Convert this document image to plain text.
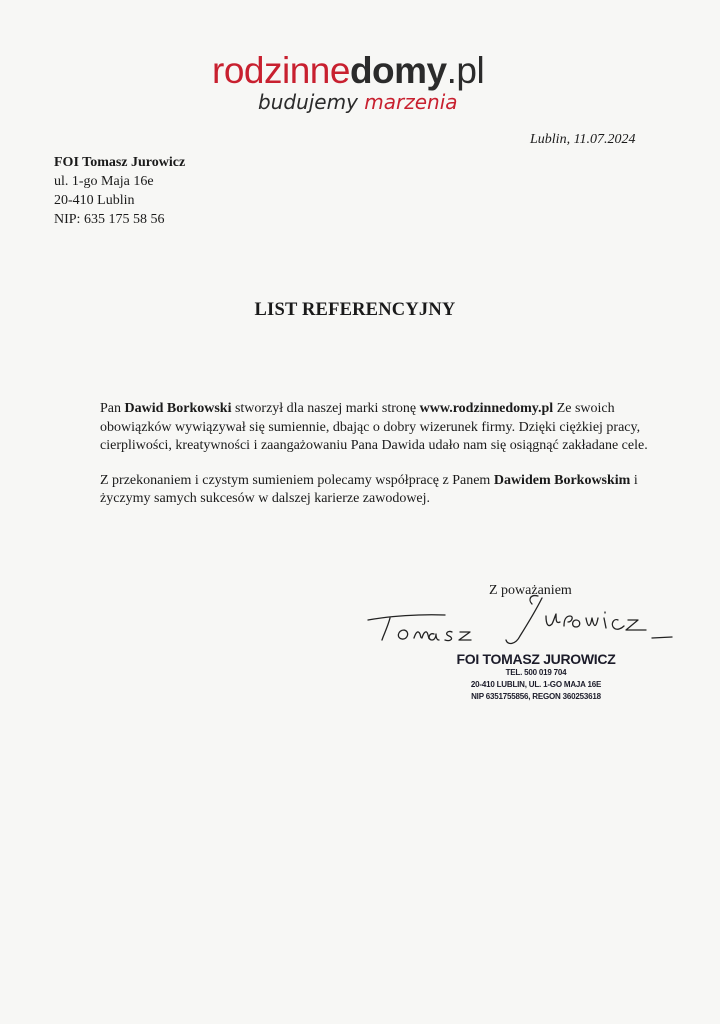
rodzinnedomy.pl
budujemy marzenia
Lublin, 11.07.2024
FOI Tomasz Jurowicz
ul. 1-go Maja 16e
20-410 Lublin
NIP: 635 175 58 56
LIST REFERENCYJNY

Pan Dawid Borkowski stworzył dla naszej marki stronę www.rodzinnedomy.pl Ze swoich obowiązków wywiązywał się sumiennie, dbając o dobry wizerunek firmy. Dzięki ciężkiej pracy, cierpliwości, kreatywności i zaangażowaniu Pana Dawida udało nam się osiągnąć zakładane cele.

Z przekonaniem i czystym sumieniem polecamy współpracę z Panem Dawidem Borkowskim i życzymy samych sukcesów w dalszej karierze zawodowej.

Z poważaniem
FOI TOMASZ JUROWICZ
TEL. 500 019 704
20-410 LUBLIN, UL. 1-GO MAJA 16E
NIP 6351755856, REGON 360253618
